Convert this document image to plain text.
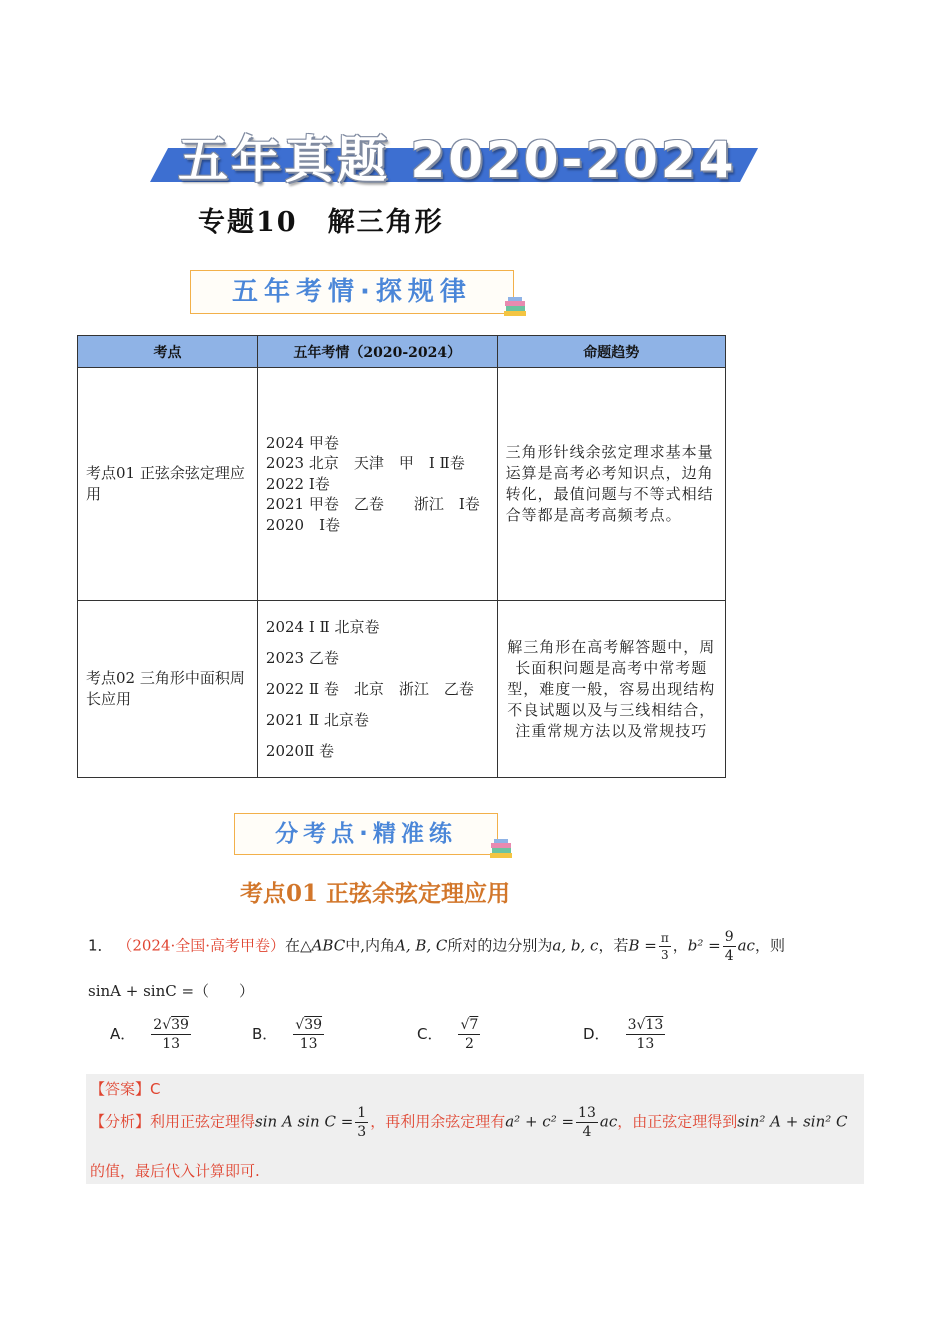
五年真题 2020-2024
专题10 解三角形
五年考情·探规律
考点	五年考情（2020-2024）	命题趋势
考点01 正弦余弦定理应用	2024 甲卷
2023 北京　天津　甲　Ⅰ Ⅱ卷
2022 Ⅰ卷
2021 甲卷　乙卷　　浙江　Ⅰ卷
2020　Ⅰ卷	三角形针线余弦定理求基本量运算是高考必考知识点，边角转化，最值问题与不等式相结合等都是高考高频考点。
考点02 三角形中面积周长应用	2024 Ⅰ Ⅱ 北京卷
2023 乙卷
2022 Ⅱ 卷　北京　浙江　乙卷
2021 Ⅱ 北京卷
2020Ⅱ 卷	解三角形在高考解答题中，周长面积问题是高考中常考题型，难度一般，容易出现结构不良试题以及与三线相结合，注重常规方法以及常规技巧
分考点·精准练
考点01 正弦余弦定理应用
1． （2024·全国·高考甲卷）在△ABC中,内角A, B, C所对的边分别为a, b, c，若$B = \frac{\pi}{3}$ ，$b^2 = \frac{9}{4}$ ac，则
sinA + sinC =（　　）
A． $\frac{2√39}{13}$	B． $\frac{√39}{13}$	C． $\frac{√7}{2}$	D． $\frac{3√13}{13}$
【答案】C
【分析】利用正弦定理得sin A $\sin C = \frac{1}{3}$ ，再利用余弦定理有$a^2 + c^2 = \frac{13}{4}$ ac，由正弦定理得到sin² A + sin² C
的值，最后代入计算即可.
